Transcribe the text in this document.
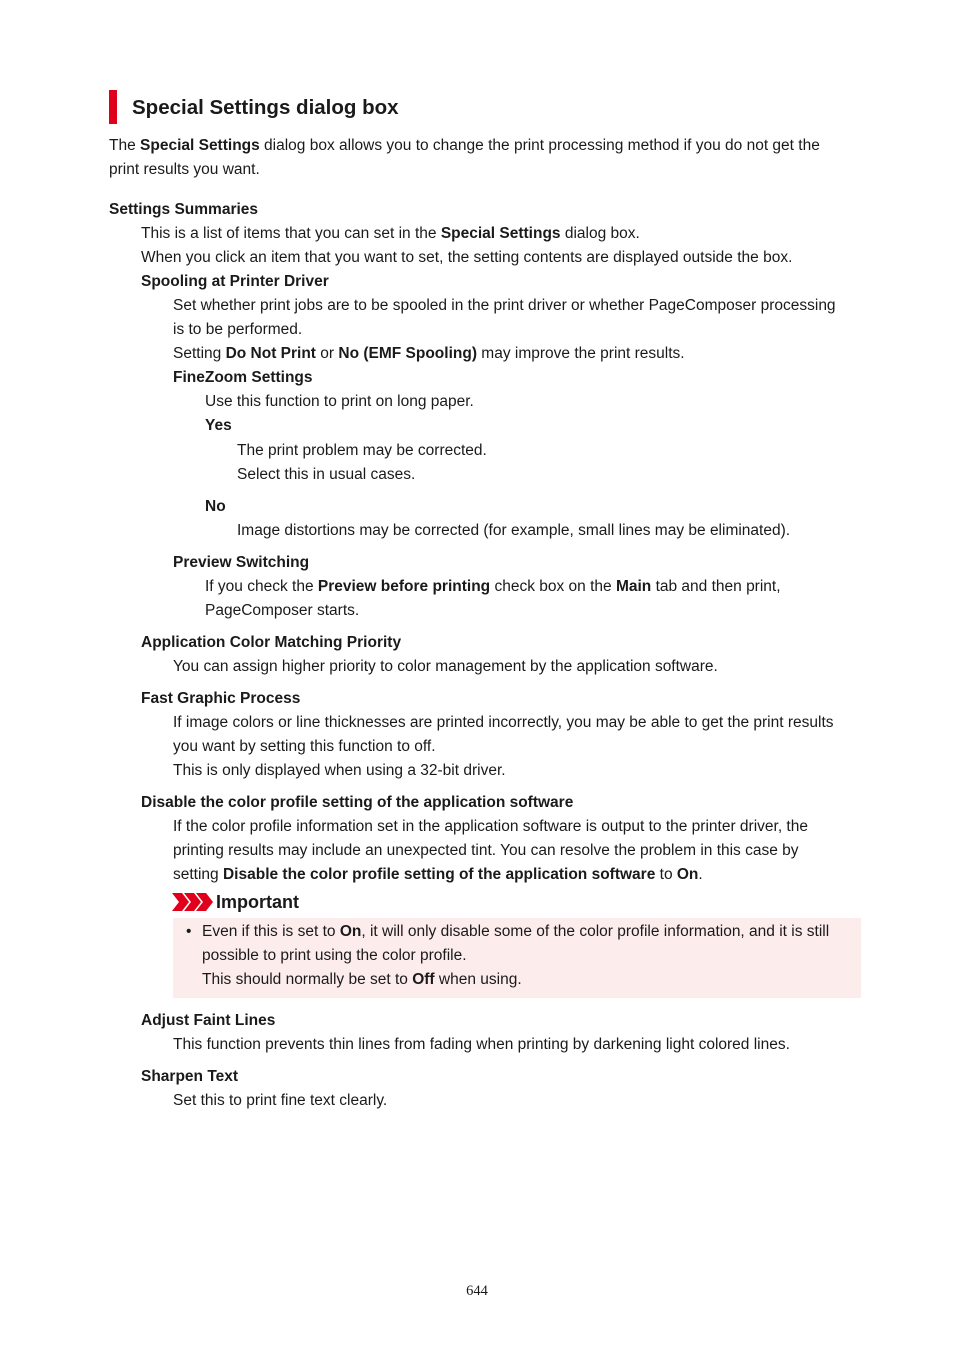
Special Settings dialog box
The Special Settings dialog box allows you to change the print processing method if you do not get the
print results you want.
Settings Summaries
This is a list of items that you can set in the Special Settings dialog box.
When you click an item that you want to set, the setting contents are displayed outside the box.
Spooling at Printer Driver
Set whether print jobs are to be spooled in the print driver or whether PageComposer processing
is to be performed.
Setting Do Not Print or No (EMF Spooling) may improve the print results.
FineZoom Settings
Use this function to print on long paper.
Yes
The print problem may be corrected.
Select this in usual cases.
No
Image distortions may be corrected (for example, small lines may be eliminated).
Preview Switching
If you check the Preview before printing check box on the Main tab and then print,
PageComposer starts.
Application Color Matching Priority
You can assign higher priority to color management by the application software.
Fast Graphic Process
If image colors or line thicknesses are printed incorrectly, you may be able to get the print results
you want by setting this function to off.
This is only displayed when using a 32-bit driver.
Disable the color profile setting of the application software
If the color profile information set in the application software is output to the printer driver, the
printing results may include an unexpected tint. You can resolve the problem in this case by
setting Disable the color profile setting of the application software to On.
Important
• Even if this is set to On, it will only disable some of the color profile information, and it is still
possible to print using the color profile.
This should normally be set to Off when using.
Adjust Faint Lines
This function prevents thin lines from fading when printing by darkening light colored lines.
Sharpen Text
Set this to print fine text clearly.
644
